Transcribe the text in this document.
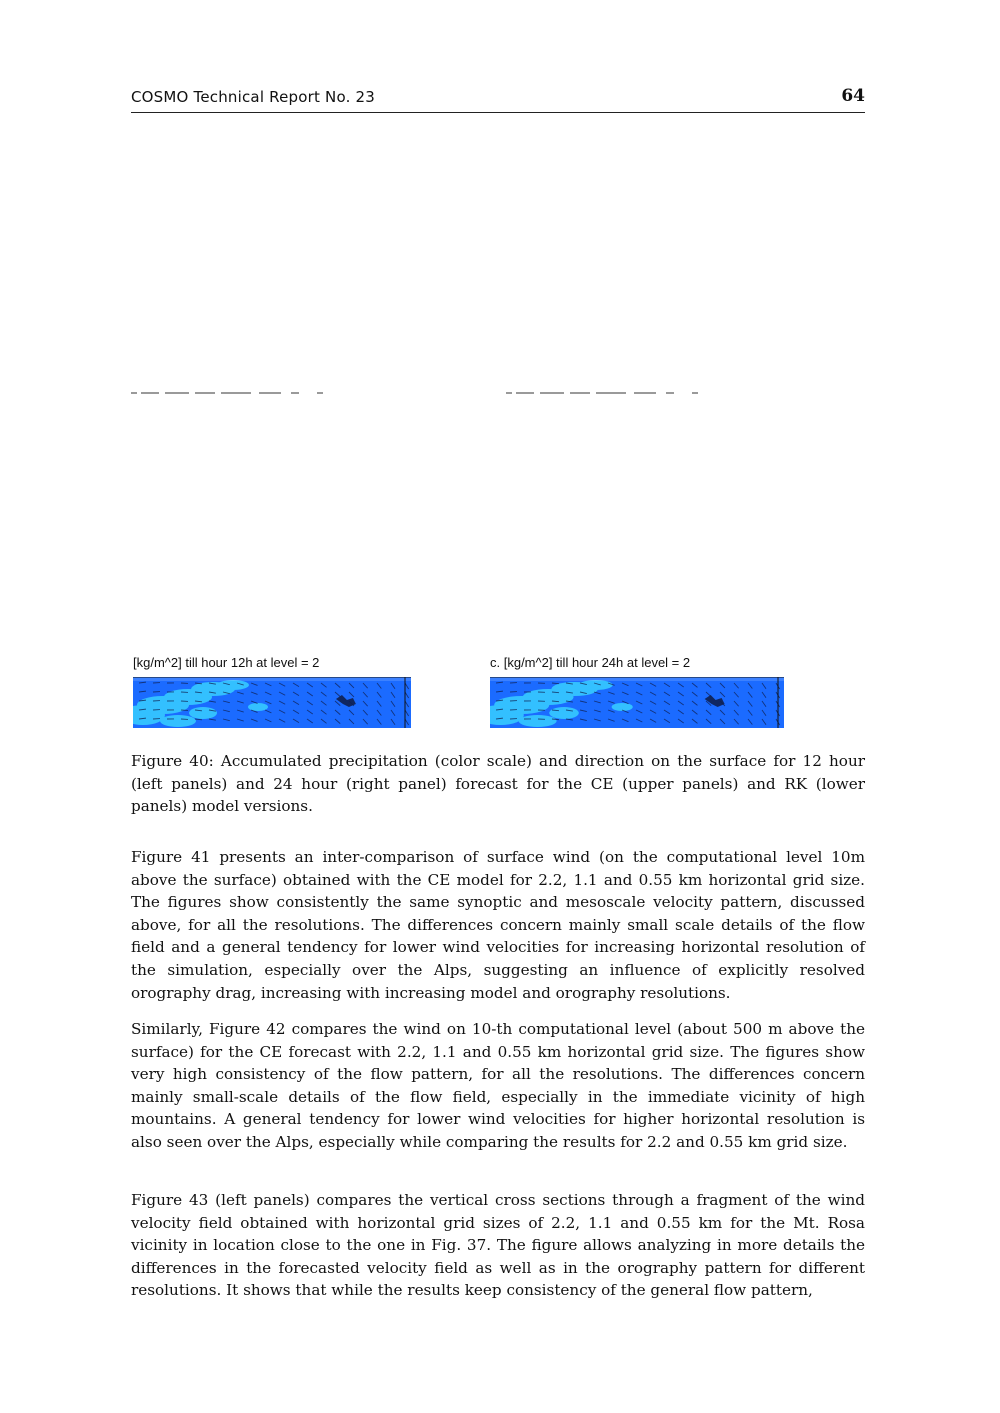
COSMO Technical Report No. 23	64
[kg/m^2] till hour 12h at level = 2	c. [kg/m^2] till hour 24h at level = 2
Figure 40: Accumulated precipitation (color scale) and direction on the surface for 12 hour (left panels) and 24 hour (right panel) forecast for the CE (upper panels) and RK (lower panels) model versions.

Figure 41 presents an inter-comparison of surface wind (on the computational level 10m above the surface) obtained with the CE model for 2.2, 1.1 and 0.55 km horizontal grid size. The figures show consistently the same synoptic and mesoscale velocity pattern, discussed above, for all the resolutions. The differences concern mainly small scale details of the flow field and a general tendency for lower wind velocities for increasing horizontal resolution of the simulation, especially over the Alps, suggesting an influence of explicitly resolved orography drag, increasing with increasing model and orography resolutions.

Similarly, Figure 42 compares the wind on 10-th computational level (about 500 m above the surface) for the CE forecast with 2.2, 1.1 and 0.55 km horizontal grid size. The figures show very high consistency of the flow pattern, for all the resolutions. The differences concern mainly small-scale details of the flow field, especially in the immediate vicinity of high mountains. A general tendency for lower wind velocities for higher horizontal resolution is also seen over the Alps, especially while comparing the results for 2.2 and 0.55 km grid size.

Figure 43 (left panels) compares the vertical cross sections through a fragment of the wind velocity field obtained with horizontal grid sizes of 2.2, 1.1 and 0.55 km for the Mt. Rosa vicinity in location close to the one in Fig. 37. The figure allows analyzing in more details the differences in the forecasted velocity field as well as in the orography pattern for different resolutions. It shows that while the results keep consistency of the general flow pattern,
